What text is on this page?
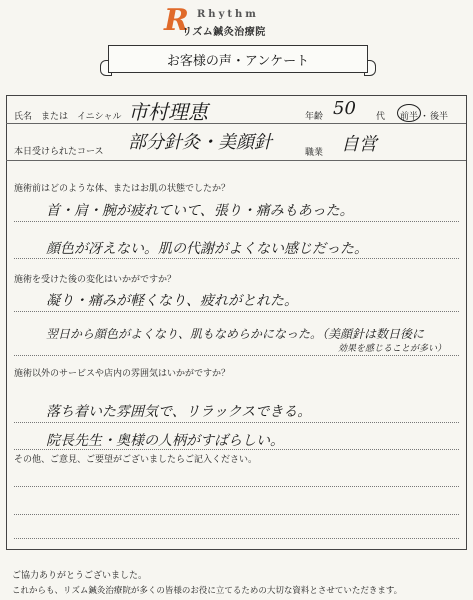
R Rhythm
リズム鍼灸治療院
お客様の声・アンケート
氏名　または　イニシャル 市村理恵	年齢 50 代 前半 ・ 後半
本日受けられたコース 部分針灸・美顔針	職業 自営
施術前はどのような体、またはお肌の状態でしたか？
首・肩・腕が疲れていて、張り・痛みもあった。
顔色が冴えない。肌の代謝がよくない感じだった。
施術を受けた後の変化はいかがですか？
凝り・痛みが軽くなり、疲れがとれた。
翌日から顔色がよくなり、肌もなめらかになった。（美顔針は数日後に
効果を感じることが多い）
施術以外のサービスや店内の雰囲気はいかがですか？
落ち着いた雰囲気で、リラックスできる。
院長先生・奥様の人柄がすばらしい。
その他、ご意見、ご要望がございましたらご記入ください。
ご協力ありがとうございました。
これからも、リズム鍼灸治療院が多くの皆様のお役に立てるための大切な資料とさせていただきます。
